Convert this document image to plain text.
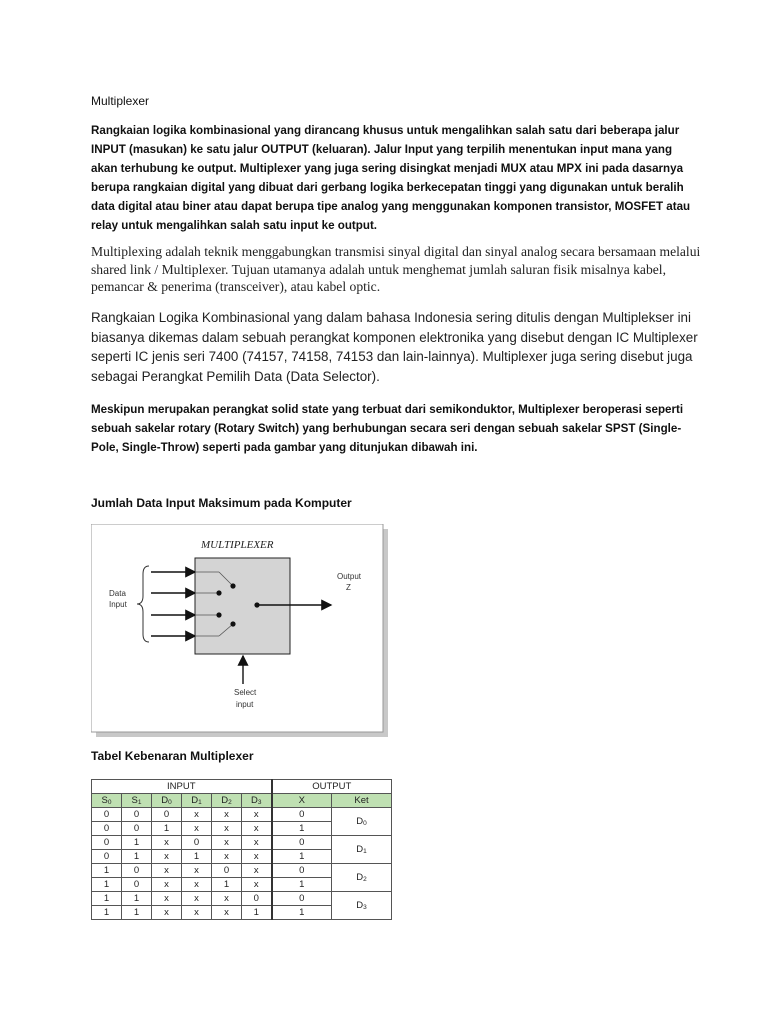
Multiplexer
Rangkaian logika kombinasional yang dirancang khusus untuk mengalihkan salah satu dari beberapa jalur INPUT (masukan) ke satu jalur OUTPUT (keluaran). Jalur Input yang terpilih menentukan input mana yang akan terhubung ke output. Multiplexer yang juga sering disingkat menjadi MUX atau MPX ini pada dasarnya berupa rangkaian digital yang dibuat dari gerbang logika berkecepatan tinggi yang digunakan untuk beralih data digital atau biner atau dapat berupa tipe analog yang menggunakan komponen transistor, MOSFET atau relay untuk mengalihkan salah satu input ke output.
Multiplexing adalah teknik menggabungkan transmisi sinyal digital dan sinyal analog secara bersamaan melalui shared link / Multiplexer. Tujuan utamanya adalah untuk menghemat jumlah saluran fisik misalnya kabel, pemancar & penerima (transceiver), atau kabel optic.
Rangkaian Logika Kombinasional yang dalam bahasa Indonesia sering ditulis dengan Multiplekser ini biasanya dikemas dalam sebuah perangkat komponen elektronika yang disebut dengan IC Multiplexer seperti IC jenis seri 7400 (74157, 74158, 74153 dan lain-lainnya). Multiplexer juga sering disebut juga sebagai Perangkat Pemilih Data (Data Selector).
Meskipun merupakan perangkat solid state yang terbuat dari semikonduktor, Multiplexer beroperasi seperti sebuah sakelar rotary (Rotary Switch) yang berhubungan secara seri dengan sebuah sakelar SPST (Single-Pole, Single-Throw) seperti pada gambar yang ditunjukan dibawah ini.
Jumlah Data Input Maksimum pada Komputer
MULTIPLEXER
Data
Input
Output
Z
Select
input
Tabel Kebenaran Multiplexer
INPUT						OUTPUT	
S0	S1	D0	D1	D2	D3	X	Ket
0	0	0	x	x	x	0	D0
0	0	1	x	x	x	1	
0	1	x	0	x	x	0	D1
0	1	x	1	x	x	1	
1	0	x	x	0	x	0	D2
1	0	x	x	1	x	1	
1	1	x	x	x	0	0	D3
1	1	x	x	x	1	1	
